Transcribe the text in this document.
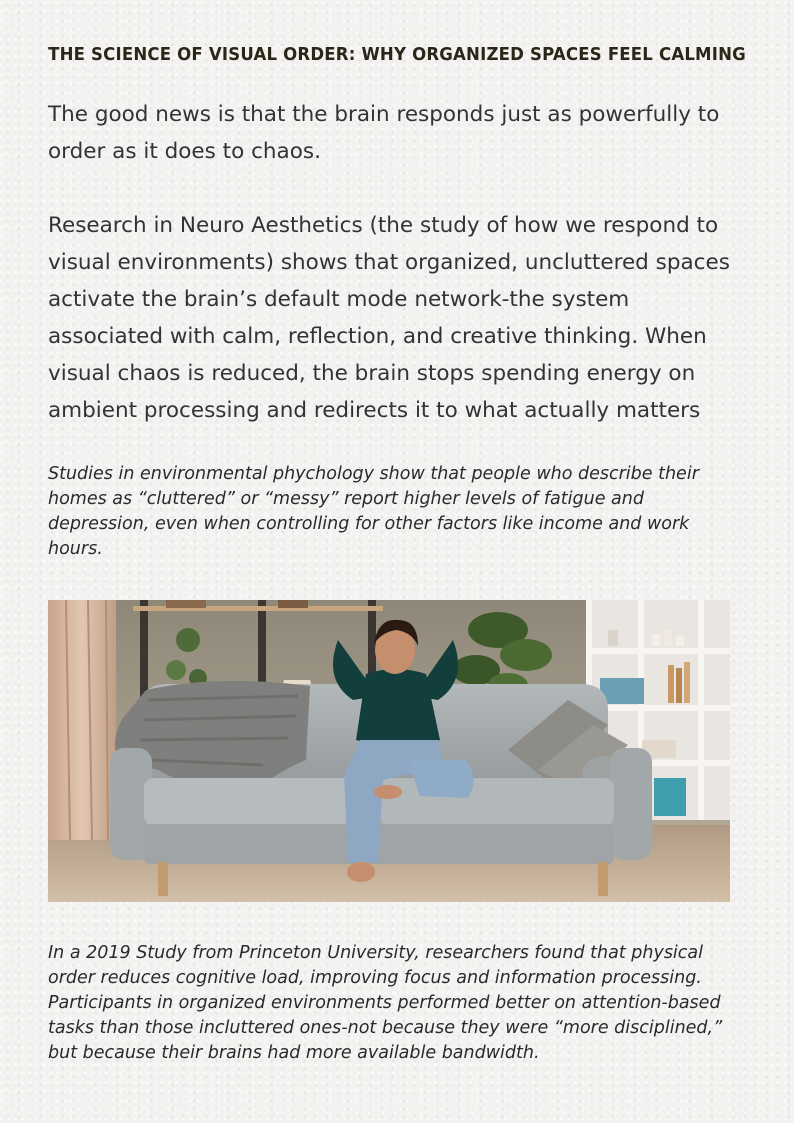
THE SCIENCE OF VISUAL ORDER: WHY ORGANIZED SPACES FEEL CALMING

The good news is that the brain responds just as powerfully to order as it does to chaos.

Research in Neuro Aesthetics (the study of how we respond to visual environments) shows that organized, uncluttered spaces activate the brain’s default mode network-the system associated with calm, reflection, and creative thinking. When visual chaos is reduced, the brain stops spending energy on ambient processing and redirects it to what actually matters

Studies in environmental phychology show that people who describe their homes as “cluttered” or “messy” report higher levels of fatigue and depression, even when controlling for other factors like income and work hours.

In a 2019 Study from Princeton University, researchers found that physical order reduces cognitive load, improving focus and information processing. Participants in organized environments performed better on attention-based tasks than those incluttered ones-not because they were “more disciplined,” but because their brains had more available bandwidth.
